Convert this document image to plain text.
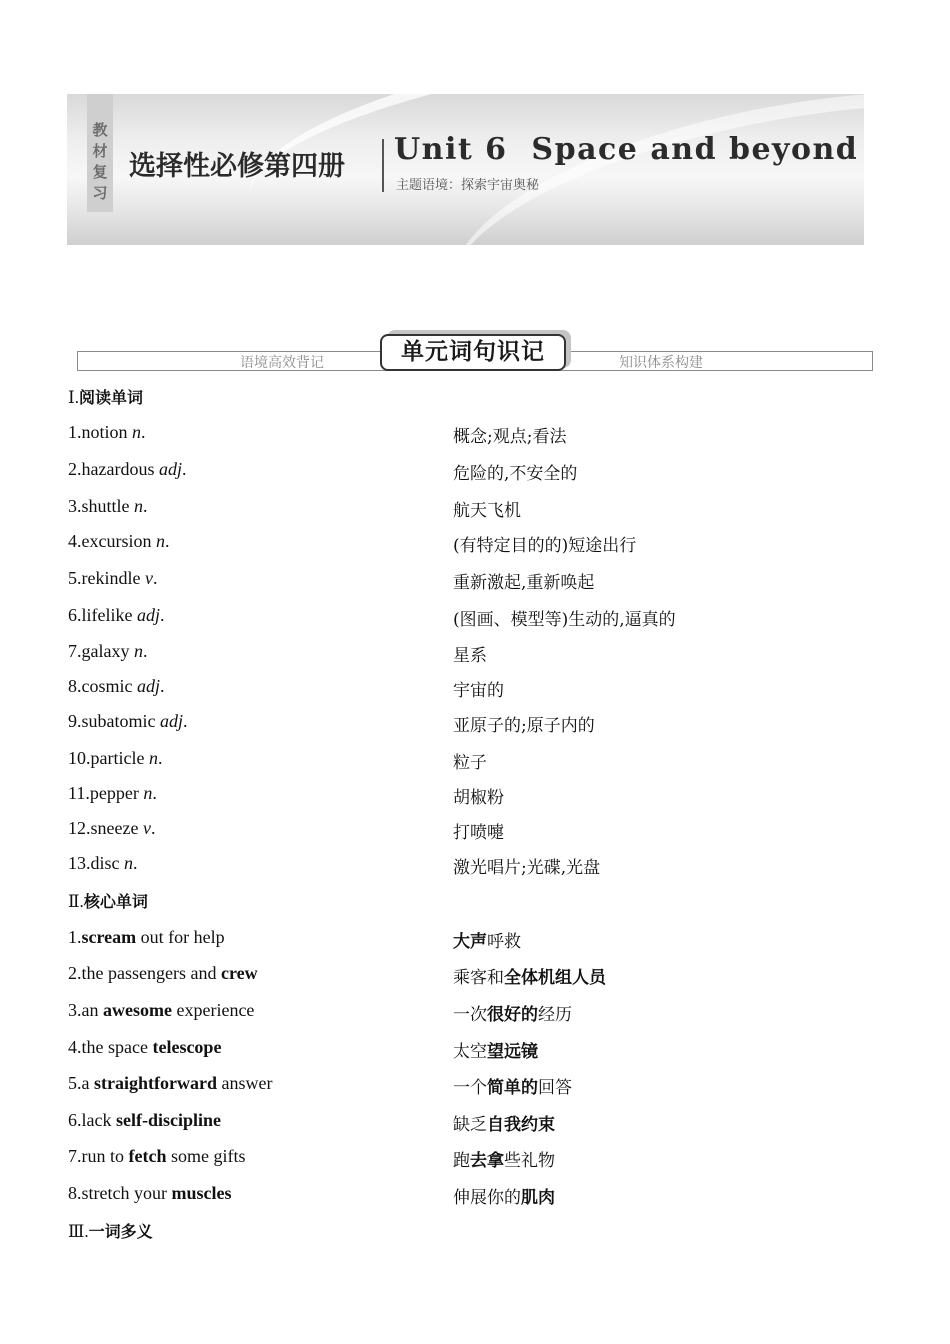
教材复习
选择性必修第四册 Unit 6  Space and beyond
主题语境：探索宇宙奥秘
语境高效背记	知识体系构建
单元词句识记
Ⅰ.阅读单词
1.notion n.	概念;观点;看法
2.hazardous adj.	危险的,不安全的
3.shuttle n.	航天飞机
4.excursion n.	(有特定目的的)短途出行
5.rekindle v.	重新激起,重新唤起
6.lifelike adj.	(图画、模型等)生动的,逼真的
7.galaxy n.	星系
8.cosmic adj.	宇宙的
9.subatomic adj.	亚原子的;原子内的
10.particle n.	粒子
11.pepper n.	胡椒粉
12.sneeze v.	打喷嚏
13.disc n.	激光唱片;光碟,光盘
Ⅱ.核心单词
1.scream out for help	大声呼救
2.the passengers and crew	乘客和全体机组人员
3.an awesome experience	一次很好的经历
4.the space telescope	太空望远镜
5.a straightforward answer	一个简单的回答
6.lack self-discipline	缺乏自我约束
7.run to fetch some gifts	跑去拿些礼物
8.stretch your muscles	伸展你的肌肉
Ⅲ.一词多义
